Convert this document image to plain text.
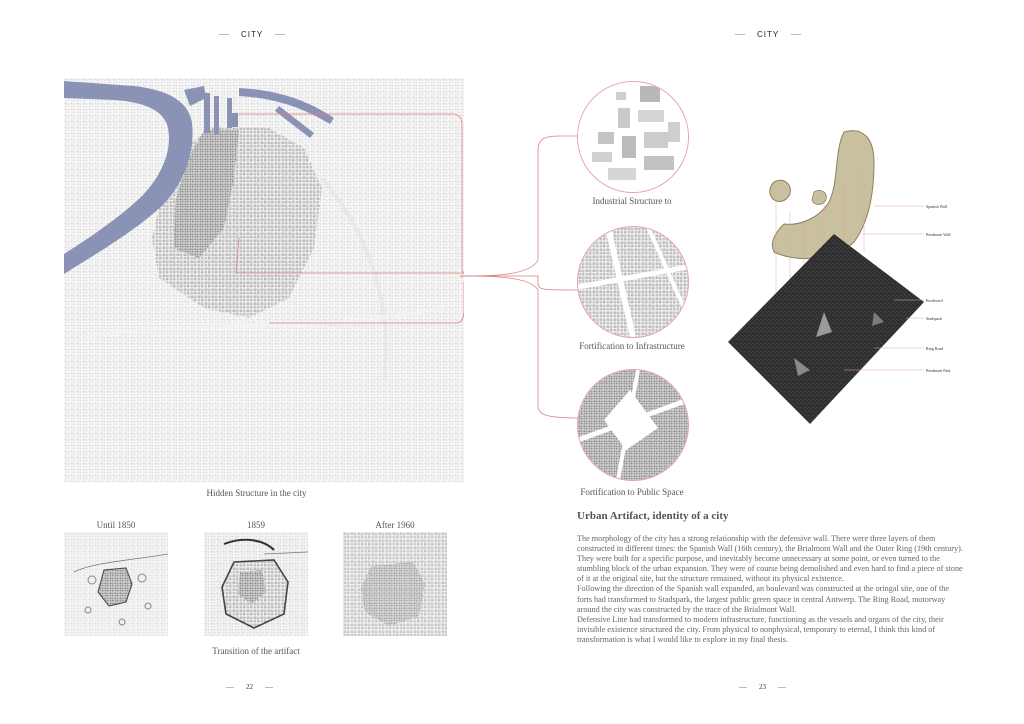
CITY	CITY
Hidden Structure in the city
Until 1850	1859	After 1960
Transition of the artifact
Industrial Structure to
Fortification to Infrastructure
Fortification to Public Space
Spanish Wall
Brialmont Wall
Boulevard
Stadspark
Ring Road
Brialmont Park
Urban Artifact, identity of a city

The morphology of the city has a strong relationship with the defensive wall. There were three layers of them constructed in different times: the Spanish Wall (16th century), the Brialmont Wall and the Outer Ring (19th century). They were built for a specific purpose, and inevitably become unnecessary at some point, or even turned to the stumbling block of the urban expansion. They were of course being demolished and even hard to find a piece of stone of it at the original site, but the structure remained, without its physical existence.

Following the direction of the Spanish wall expanded, an boulevard was constructed at the oringal site, one of the forts had transformed to Stadspark, the largest public green space in central Antwerp. The Ring Road, motorway around the city was constructed by the trace of the Brialmont Wall.

Defensive Line had transformed to modern infrastructure, functioning as the vessels and organs of the city, their invisible existence structured the city. From physical to nonphysical, temporary to eternal, I think this kind of transformation is what I would like to explore in my final thesis.

22	23
